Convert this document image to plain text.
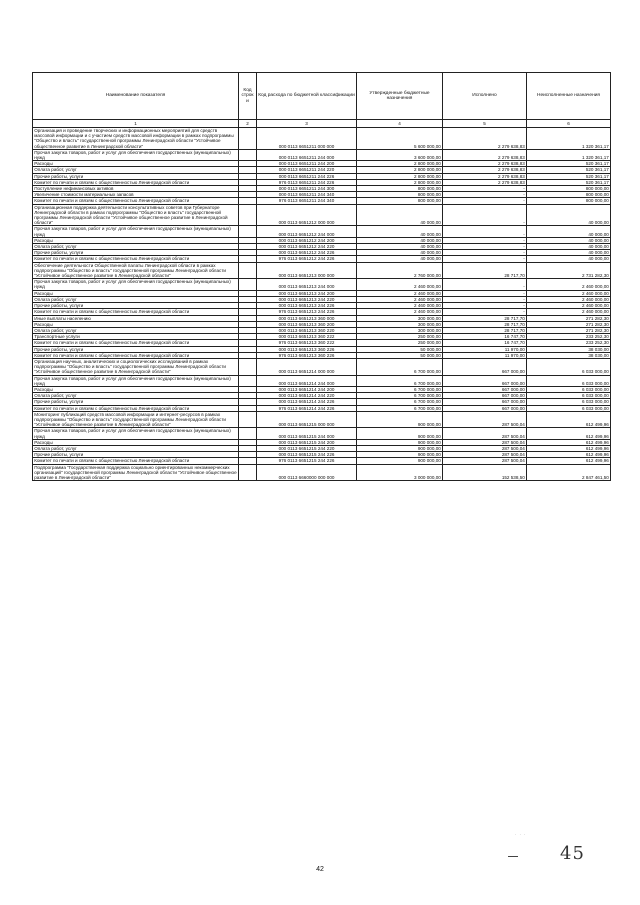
Наименование показателя	Код строк и	Код расхода по бюджетной классификации	Утвержденные бюджетные назначения	Исполнено	Неисполненные назначения
1	2	3	4	5	6
Организация и проведение творческих и информационных мероприятий для средств массовой информации и с участием средств массовой информации в рамках подпрограммы "Общество и власть" государственной программы Ленинградской области "Устойчивое общественное развитие в Ленинградской области"		000 0113 6651211 000 000	5 600 000,00	2 279 638,83	1 320 361,17
Прочая закупка товаров, работ и услуг для обеспечения государственных (муниципальных) нужд		000 0113 6651211 244 000	3 600 000,00	2 279 638,83	1 320 361,17
Расходы		000 0113 6651211 244 200	2 800 000,00	2 279 638,83	520 361,17
Оплата работ, услуг		000 0113 6651211 244 220	2 800 000,00	2 279 638,83	520 361,17
Прочие работы, услуги		000 0113 6651211 244 226	2 800 000,00	2 279 638,83	520 361,17
Комитет по печати и связям с общественностью Ленинградской области		976 0113 6651211 244 226	2 800 000,00	2 279 638,83	520 361,17
Поступление нефинансовых активов		000 0113 6651211 244 300	800 000,00	-	800 000,00
Увеличение стоимости материальных запасов		000 0113 6651211 244 340	800 000,00	-	800 000,00
Комитет по печати и связям с общественностью Ленинградской области		976 0113 6651211 244 340	800 000,00	-	800 000,00
Организационная поддержка деятельности консультативных советов при Губернаторе Ленинградской области в рамках подпрограммы "Общество и власть" государственной программы Ленинградской области "Устойчивое общественное развитие в Ленинградской области"		000 0113 6651212 000 000	40 000,00	-	40 000,00
Прочая закупка товаров, работ и услуг для обеспечения государственных (муниципальных) нужд		000 0113 6651212 244 000	40 000,00	-	40 000,00
Расходы		000 0113 6651212 244 200	40 000,00	-	40 000,00
Оплата работ, услуг		000 0113 6651212 244 220	40 000,00	-	40 000,00
Прочие работы, услуги		000 0113 6651212 244 226	40 000,00	-	40 000,00
Комитет по печати и связям с общественностью Ленинградской области		976 0113 6651212 244 226	40 000,00	-	40 000,00
Обеспечение деятельности Общественной палаты Ленинградской области в рамках подпрограммы "Общество и власть" государственной программы Ленинградской области "Устойчивое общественное развитие в Ленинградской области"		000 0113 6651213 000 000	2 760 000,00	28 717,70	2 731 282,30
Прочая закупка товаров, работ и услуг для обеспечения государственных (муниципальных) нужд		000 0113 6651213 244 000	2 460 000,00	-	2 460 000,00
Расходы		000 0113 6651213 244 200	2 460 000,00	-	2 460 000,00
Оплата работ, услуг		000 0113 6651213 244 220	2 460 000,00	-	2 460 000,00
Прочие работы, услуги		000 0113 6651213 244 226	2 460 000,00	-	2 460 000,00
Комитет по печати и связям с общественностью Ленинградской области		976 0113 6651213 244 226	2 460 000,00	-	2 460 000,00
Иные выплаты населению		000 0113 6651213 360 000	300 000,00	28 717,70	271 282,30
Расходы		000 0113 6651213 360 200	300 000,00	28 717,70	271 282,30
Оплата работ, услуг		000 0113 6651213 360 220	300 000,00	28 717,70	271 282,30
Транспортные услуги		000 0113 6651213 360 222	250 000,00	16 747,70	233 252,30
Комитет по печати и связям с общественностью Ленинградской области		976 0113 6651213 360 222	250 000,00	16 747,70	233 252,30
Прочие работы, услуги		000 0113 6651213 360 226	50 000,00	11 970,00	38 030,00
Комитет по печати и связям с общественностью Ленинградской области		976 0113 6651213 360 226	50 000,00	11 970,00	38 030,00
Организация научных, аналитических и социологических исследований в рамках подпрограммы "Общество и власть" государственной программы Ленинградской области "Устойчивое общественное развитие в Ленинградской области"		000 0113 6651214 000 000	6 700 000,00	667 000,00	6 033 000,00
Прочая закупка товаров, работ и услуг для обеспечения государственных (муниципальных) нужд		000 0113 6651214 244 000	6 700 000,00	667 000,00	6 033 000,00
Расходы		000 0113 6651214 244 200	6 700 000,00	667 000,00	6 033 000,00
Оплата работ, услуг		000 0113 6651214 244 220	6 700 000,00	667 000,00	6 033 000,00
Прочие работы, услуги		000 0113 6651214 244 226	6 700 000,00	667 000,00	6 033 000,00
Комитет по печати и связям с общественностью Ленинградской области		976 0113 6651214 244 226	6 700 000,00	667 000,00	6 033 000,00
Мониторинг публикаций средств массовой информации и интернет-ресурсов в рамках подпрограммы "Общество и власть" государственной программы Ленинградской области "Устойчивое общественное развитие в Ленинградской области"		000 0113 6651215 000 000	900 000,00	287 500,04	612 499,96
Прочая закупка товаров, работ и услуг для обеспечения государственных (муниципальных) нужд		000 0113 6651215 244 000	900 000,00	287 500,04	612 499,96
Расходы		000 0113 6651215 244 200	900 000,00	287 500,04	612 499,96
Оплата работ, услуг		000 0113 6651215 244 220	900 000,00	287 500,04	612 499,96
Прочие работы, услуги		000 0113 6651215 244 226	900 000,00	287 500,04	612 499,96
Комитет по печати и связям с общественностью Ленинградской области		976 0113 6651215 244 226	900 000,00	287 500,04	612 499,96
Подпрограмма "Государственная поддержка социально ориентированных некоммерческих организаций" государственной программы Ленинградской области "Устойчивое общественное развитие в Ленинградской области"		000 0113 6660000 000 000	3 000 000,00	152 538,50	2 847 461,50
· · ·
45
42
